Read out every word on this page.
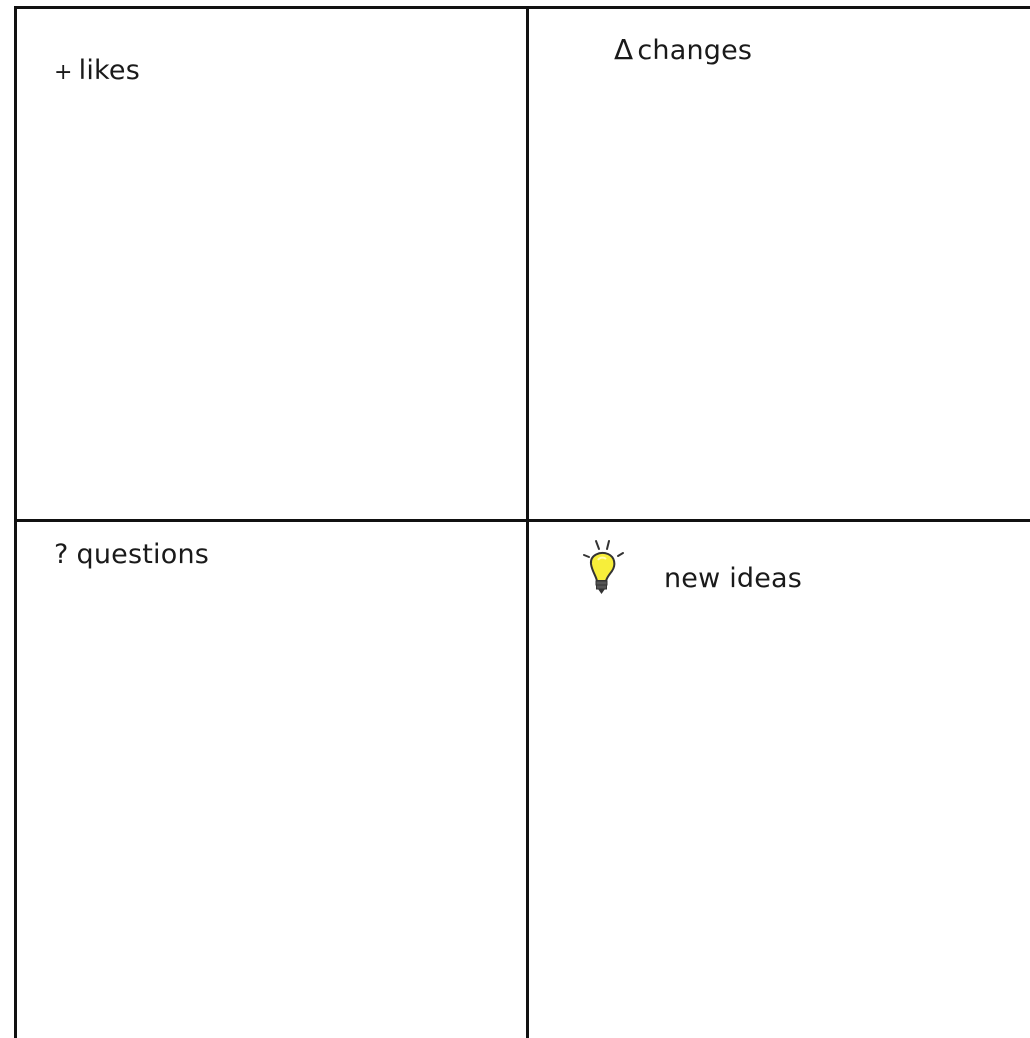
+ likes
Δ changes
? questions
new ideas
